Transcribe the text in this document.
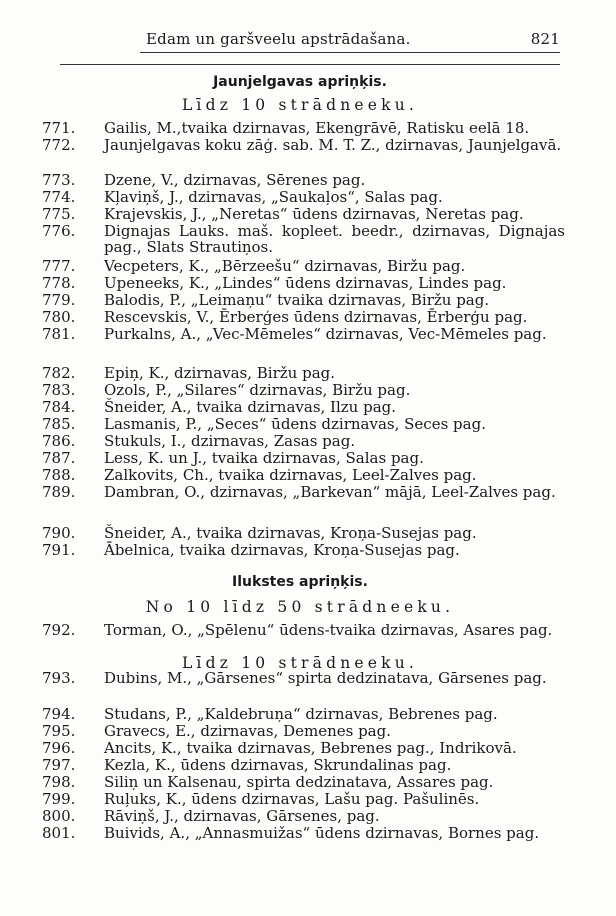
Edam un garšveelu apstrādašana.	821
Jaunjelgavas apriņķis.
Līdz 10 strādneeku.
771.	Gailis, M.,tvaika dzirnavas, Ekengrāvē, Ratisku eelā 18.
772.	Jaunjelgavas koku zāģ. sab. M. T. Z., dzirnavas, Jaunjelgavā.
773.	Dzene, V., dzirnavas, Sērenes pag.
774.	Kļaviņš, J., dzirnavas, „Saukaļos“, Salas pag.
775.	Krajevskis, J., „Neretas“ ūdens dzirnavas, Neretas pag.
776.	Dignajas Lauks. maš. kopleet. beedr., dzirnavas, Dignajas pag., Slats Strautiņos.
777.	Vecpeters, K., „Bērzeešu“ dzirnavas, Biržu pag.
778.	Upeneeks, K., „Lindes“ ūdens dzirnavas, Lindes pag.
779.	Balodis, P., „Leimaņu“ tvaika dzirnavas, Biržu pag.
780.	Rescevskis, V., Ērberģes ūdens dzirnavas, Ērberģu pag.
781.	Purkalns, A., „Vec-Mēmeles“ dzirnavas, Vec-Mēmeles pag.
782.	Epiņ, K., dzirnavas, Biržu pag.
783.	Ozols, P., „Silares“ dzirnavas, Biržu pag.
784.	Šneider, A., tvaika dzirnavas, Ilzu pag.
785.	Lasmanis, P., „Seces“ ūdens dzirnavas, Seces pag.
786.	Stukuls, I., dzirnavas, Zasas pag.
787.	Less, K. un J., tvaika dzirnavas, Salas pag.
788.	Zalkovits, Ch., tvaika dzirnavas, Leel-Zalves pag.
789.	Dambran, O., dzirnavas, „Barkevan“ mājā, Leel-Zalves pag.
790.	Šneider, A., tvaika dzirnavas, Kroņa-Susejas pag.
791.	Ābelnica, tvaika dzirnavas, Kroņa-Susejas pag.
Ilukstes apriņķis.
No 10 līdz 50 strādneeku.
792.	Torman, O., „Spēlenu“ ūdens-tvaika dzirnavas, Asares pag.
Līdz 10 strādneeku.
793.	Dubins, M., „Gārsenes“ spirta dedzinatava, Gārsenes pag.
794.	Studans, P., „Kaldebruņa“ dzirnavas, Bebrenes pag.
795.	Gravecs, E., dzirnavas, Demenes pag.
796.	Ancits, K., tvaika dzirnavas, Bebrenes pag., Indrikovā.
797.	Kezla, K., ūdens dzirnavas, Skrundalinas pag.
798.	Siliņ un Kalsenau, spirta dedzinatava, Assares pag.
799.	Ruļuks, K., ūdens dzirnavas, Lašu pag. Pašulinēs.
800.	Rāviņš, J., dzirnavas, Gārsenes, pag.
801.	Buivids, A., „Annasmuižas“ ūdens dzirnavas, Bornes pag.
